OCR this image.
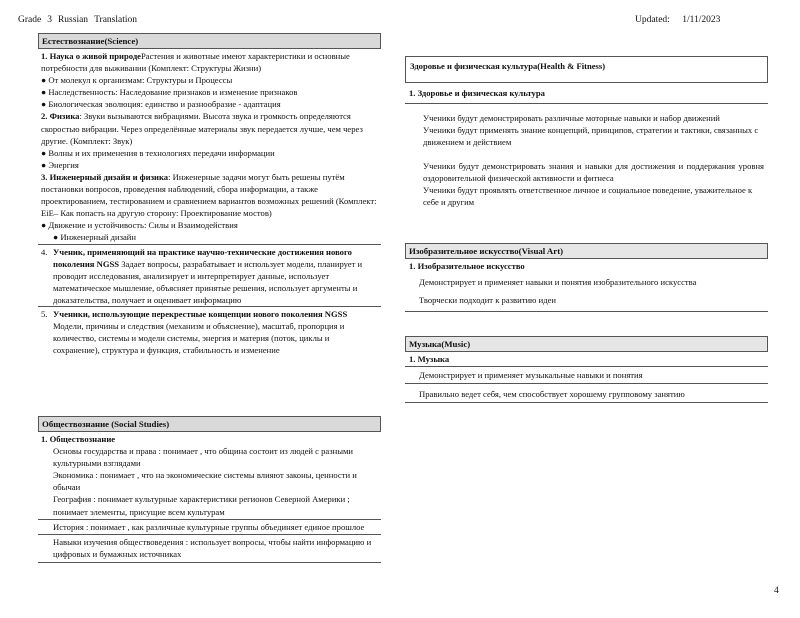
Grade 3 Russian Translation	Updated: 1/11/2023
Естествознание(Science)

1. Наука о живой природеРастения и животные имеют характеристики и основные потребности для выживании (Комплект: Структуры Жизни)

● От молекул к организмам: Структуры и Процессы

● Наследственность: Наследование признаков и изменение признаков

● Биологическая эволюция: единство и разнообразие - адаптация

2. Физика: Звуки вызываются вибрациями. Высота звука и громкость определяются скоростью вибрации. Через определённые материалы звук передается лучше, чем через другие. (Комплект: Звук)

● Волны и их применения в технологиях передачи информации

● Энергия

3. Инженерный дизайн и физика: Инженерные задачи могут быть решены путём постановки вопросов, проведения наблюдений, сбора информации, а также проектированием, тестированием и сравнением вариантов возможных решений (Комплект: EiE– Как попасть на другую сторону: Проектирование мостов)

● Движение и устойчивость: Силы и Взаимодействия

● Инженерный дизайн

4. Ученик, применяющий на практике научно-технические достижения нового поколения NGSS Задает вопросы, разрабатывает и использует модели, планирует и проводит исследования, анализирует и интерпретирует данные, использует математическое мышление, объясняет принятые решения, использует аргументы и доказательства, получает и оценивает информацию

5. Ученики, использующие перекрестные концепции нового поколения NGSS Модели, причины и следствия (механизм и объяснение), масштаб, пропорция и количество, системы и модели системы, энергия и материя (поток, циклы и сохранение), структура и функция, стабильность и изменение

Обществознание (Social Studies)

1. Обществознание

Основы государства и права : понимает , что община состоит из людей с разными культурными взглядами

Экономика : понимает , что на экономические системы влияют законы, ценности и обычаи

География : понимает культурные характеристики регионов Северной Америки ; понимает элементы, присущие всем культурам

История : понимает , как различные культурные группы объединяет единое прошлое

Навыки изучения обществоведения : использует вопросы, чтобы найти информацию и цифровых и бумажных источниках

Здоровье и физическая культура(Health & Fitness)

1. Здоровье и физическая культура

Ученики будут демонстрировать различные моторные навыки и набор движений

Ученики будут применять знание концепций, принципов, стратегии и тактики, связанных с движением и действием

Ученики будут демонстрировать знания и навыки для достижения и поддержания уровня оздоровительной физической активности и фитнеса

Ученики будут проявлять ответственное личное и социальное поведение, уважительное к себе и другим

Изобразительное искусство(Visual Art)

1. Изобразительное искусство

Демонстрирует и применяет навыки и понятия изобразительного искусства

Творчески подходит к развитию идеи

Музыка(Music)

1. Музыка

Демонстрирует и применяет музыкальные навыки и понятия

Правильно ведет себя, чем способствует хорошему групповому занятию

4
